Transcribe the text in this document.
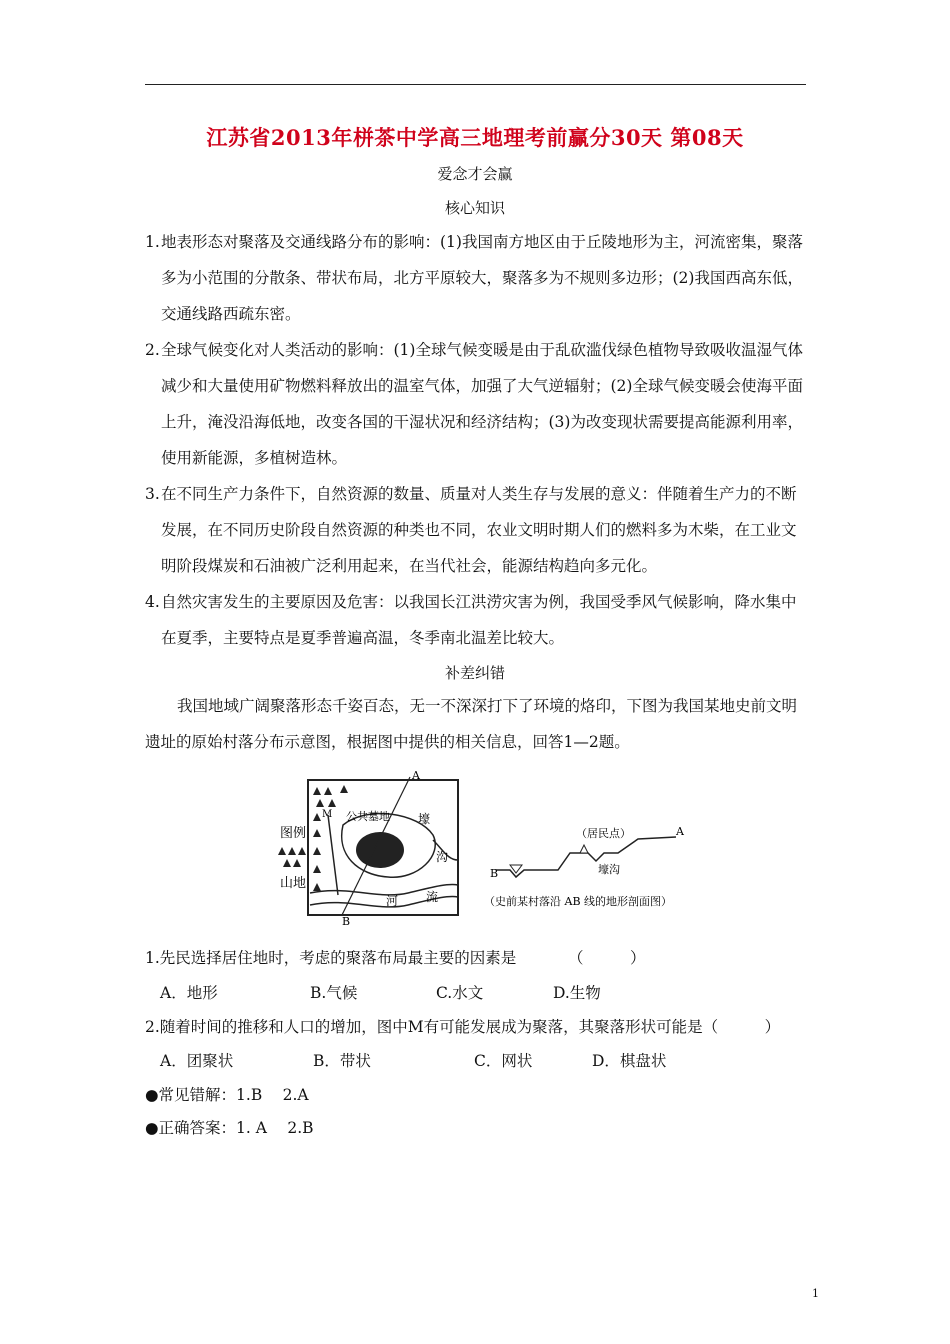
江苏省2013年栟茶中学高三地理考前赢分30天 第08天
爱念才会赢
核心知识
1. 地表形态对聚落及交通线路分布的影响：(1)我国南方地区由于丘陵地形为主，河流密集，聚落多为小范围的分散条、带状布局，北方平原较大，聚落多为不规则多边形；(2)我国西高东低，交通线路西疏东密。
2. 全球气候变化对人类活动的影响：(1)全球气候变暖是由于乱砍滥伐绿色植物导致吸收温湿气体减少和大量使用矿物燃料释放出的温室气体，加强了大气逆辐射；(2)全球气候变暖会使海平面上升，淹没沿海低地，改变各国的干湿状况和经济结构；(3)为改变现状需要提高能源利用率，使用新能源，多植树造林。
3. 在不同生产力条件下，自然资源的数量、质量对人类生存与发展的意义：伴随着生产力的不断发展，在不同历史阶段自然资源的种类也不同，农业文明时期人们的燃料多为木柴，在工业文明阶段煤炭和石油被广泛利用起来，在当代社会，能源结构趋向多元化。
4. 自然灾害发生的主要原因及危害：以我国长江洪涝灾害为例，我国受季风气候影响，降水集中在夏季，主要特点是夏季普遍高温，冬季南北温差比较大。
补差纠错
我国地域广阔聚落形态千姿百态，无一不深深打下了环境的烙印，下图为我国某地史前文明遗址的原始村落分布示意图，根据图中提供的相关信息，回答1—2题。
图例
山地
A
B
M 公共墓地 壕
沟
河 流
（居民点）	A
B	壕沟
（史前某村落沿 AB 线的地形剖面图）
1.先民选择居住地时，考虑的聚落布局最主要的因素是	（　　　）
A．地形	B.气候	C.水文	D.生物
2.随着时间的推移和人口的增加，图中M有可能发展成为聚落，其聚落形状可能是（　　　）
A．团聚状	B．带状	C．网状	D．棋盘状
●常见错解：1.B　 2.A
●正确答案：1. A　 2.B
1
